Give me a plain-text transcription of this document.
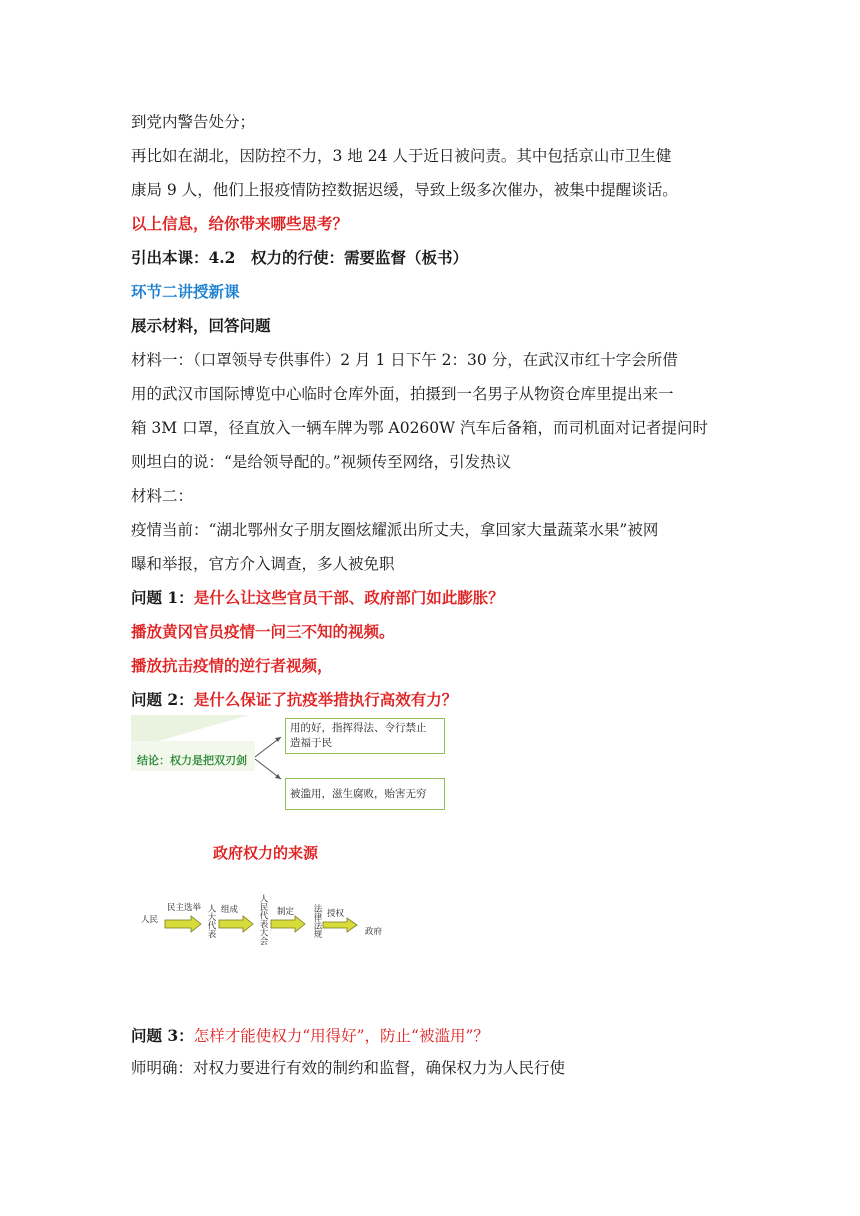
到党内警告处分；
再比如在湖北，因防控不力，3 地 24 人于近日被问责。其中包括京山市卫生健
康局 9 人，他们上报疫情防控数据迟缓，导致上级多次催办，被集中提醒谈话。
以上信息，给你带来哪些思考？
引出本课：4.2　权力的行使：需要监督（板书）
环节二讲授新课
展示材料，回答问题
材料一：（口罩领导专供事件）2 月 1 日下午 2：30 分，在武汉市红十字会所借
用的武汉市国际博览中心临时仓库外面，拍摄到一名男子从物资仓库里提出来一
箱 3M 口罩，径直放入一辆车牌为鄂 A0260W 汽车后备箱，而司机面对记者提问时
则坦白的说：“是给领导配的。”视频传至网络，引发热议
材料二：
疫情当前：“湖北鄂州女子朋友圈炫耀派出所丈夫，拿回家大量蔬菜水果”被网
曝和举报，官方介入调查，多人被免职
问题 1：是什么让这些官员干部、政府部门如此膨胀？
播放黄冈官员疫情一问三不知的视频。
播放抗击疫情的逆行者视频，
问题 2：是什么保证了抗疫举措执行高效有力？
结论：权力是把双刃剑
用的好，指挥得法、令行禁止 造福于民
被滥用，滋生腐败，贻害无穷
政府权力的来源
人民
民主选举 人大代表 组成 人民代表大会 制定 法律法规 授权
政府
问题 3：怎样才能使权力“用得好”，防止“被滥用”？
师明确：对权力要进行有效的制约和监督，确保权力为人民行使
